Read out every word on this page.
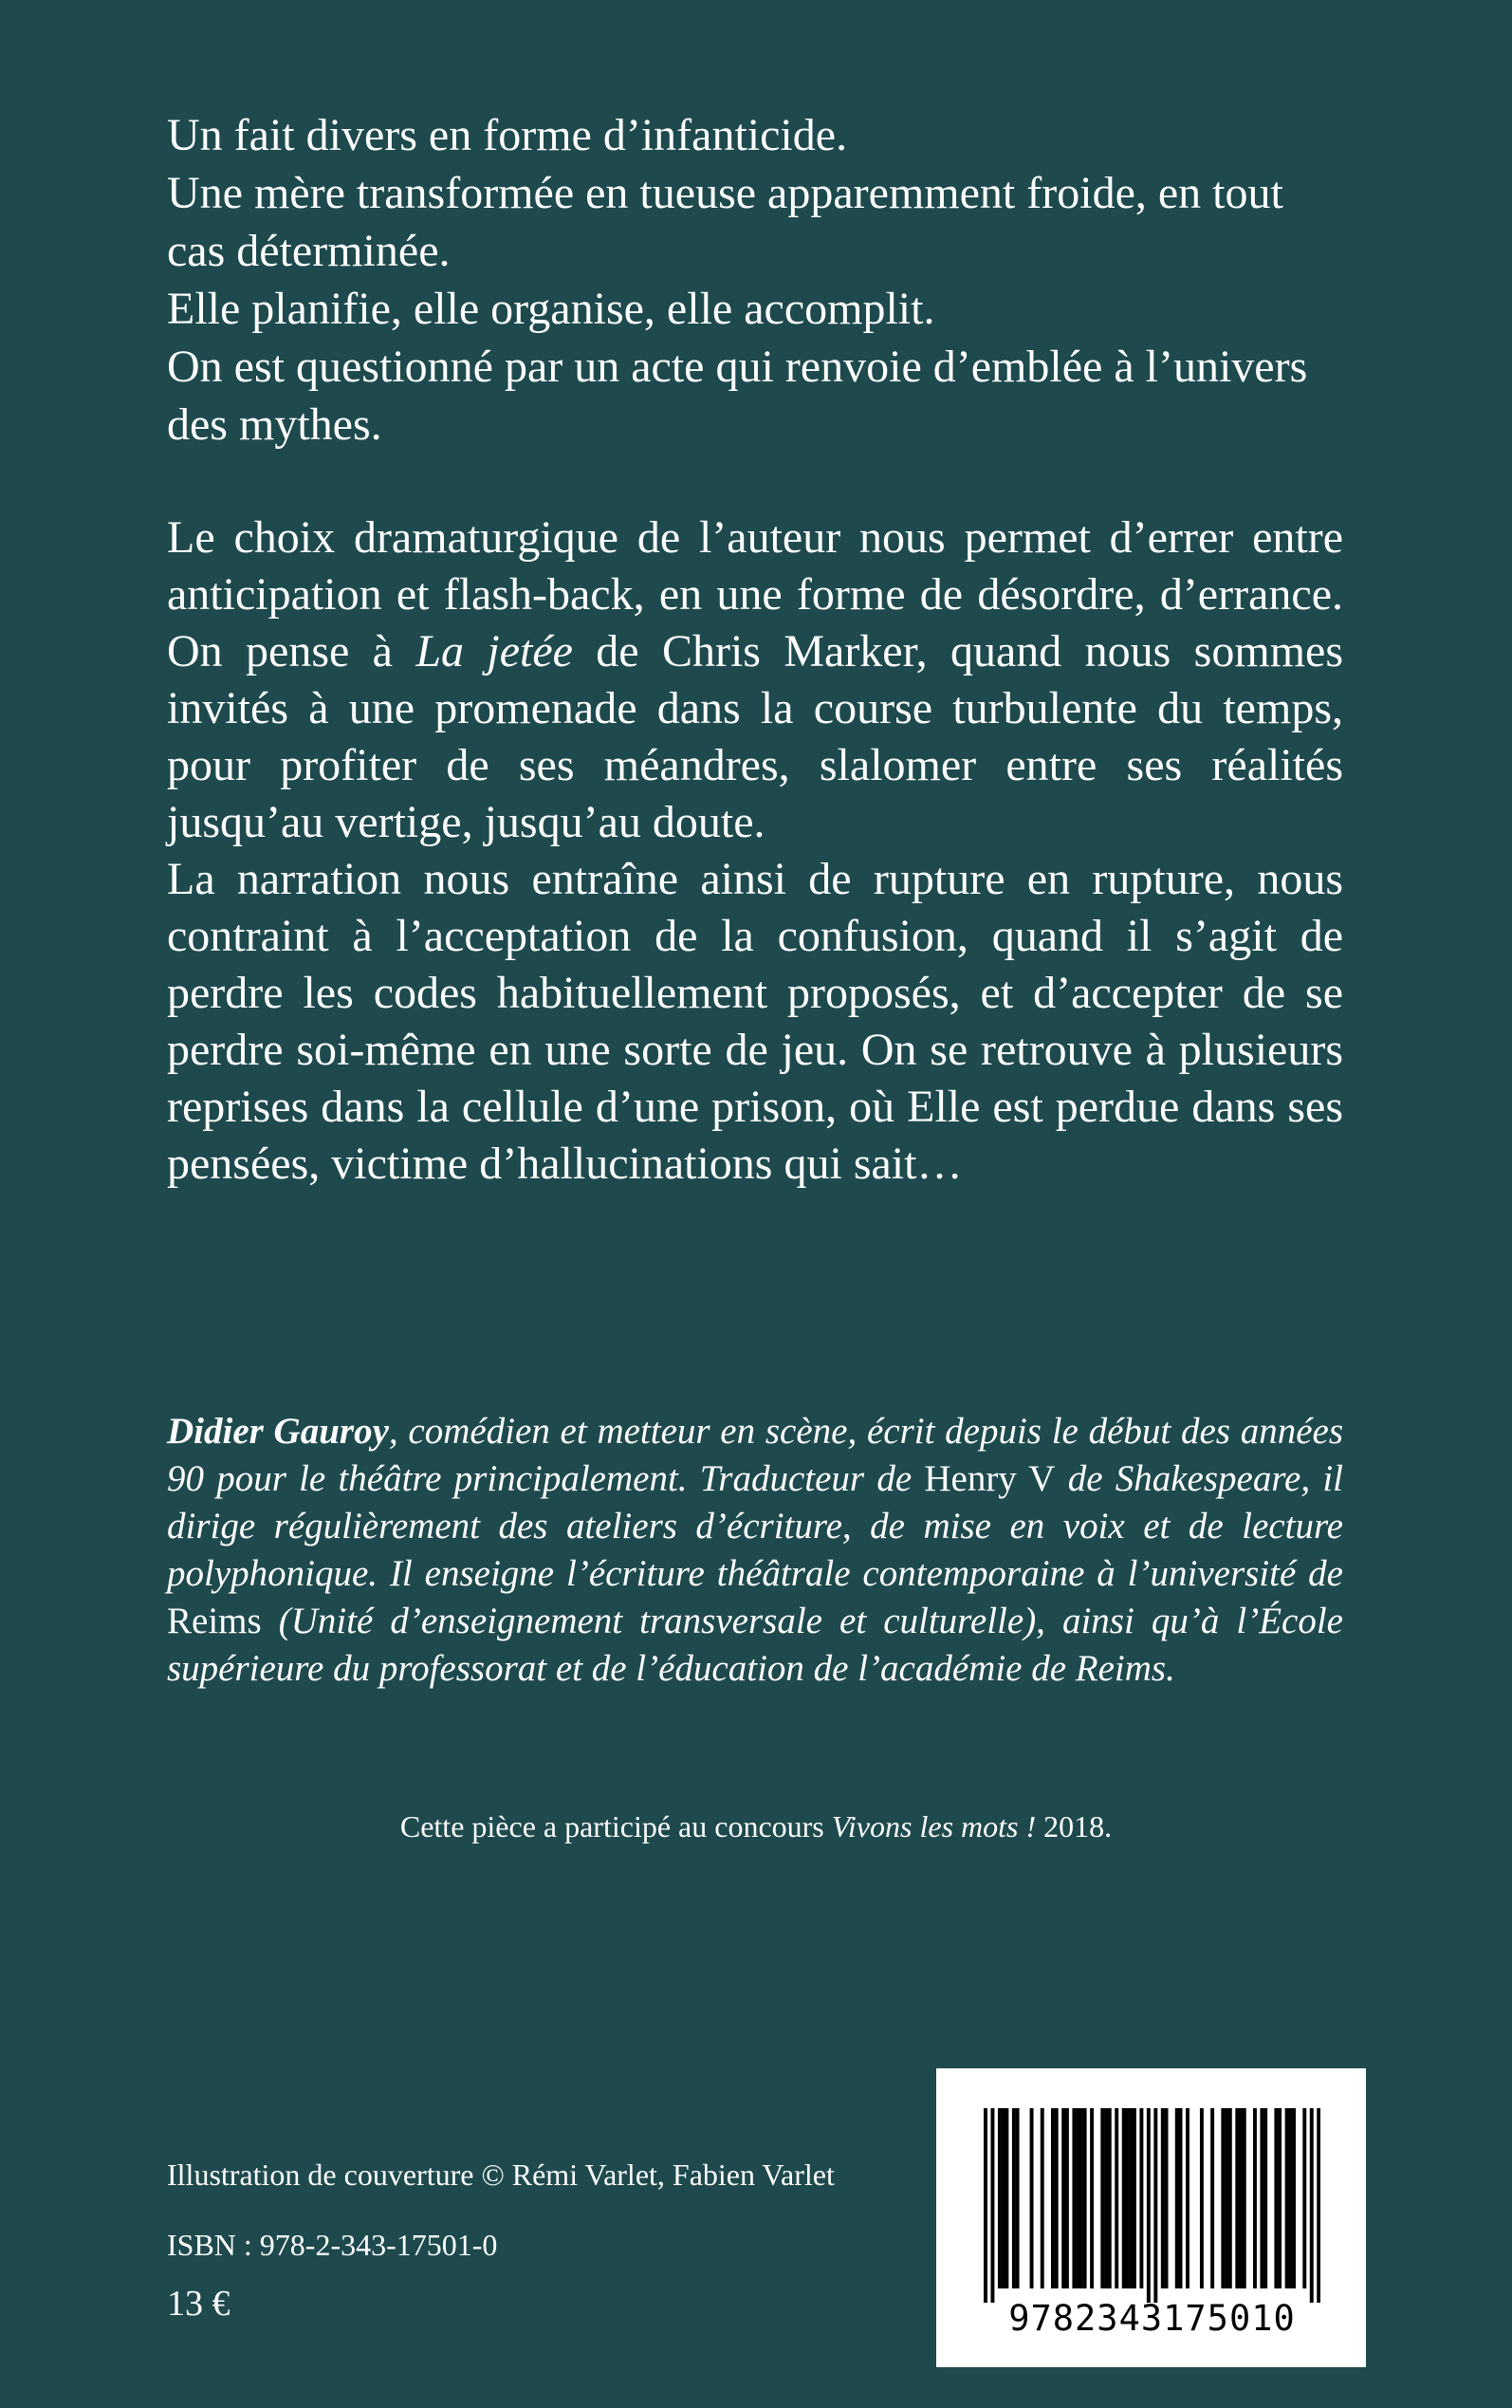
Un fait divers en forme d’infanticide.

Une mère transformée en tueuse apparemment froide, en tout cas déterminée.

Elle planifie, elle organise, elle accomplit.

On est questionné par un acte qui renvoie d’emblée à l’univers des mythes.

Le choix dramaturgique de l’auteur nous permet d’errer entre anticipation et flash-back, en une forme de désordre, d’errance. On pense à La jetée de Chris Marker, quand nous sommes invités à une promenade dans la course turbulente du temps, pour profiter de ses méandres, slalomer entre ses réalités jusqu’au vertige, jusqu’au doute.

La narration nous entraîne ainsi de rupture en rupture, nous contraint à l’acceptation de la confusion, quand il s’agit de perdre les codes habituellement proposés, et d’accepter de se perdre soi-même en une sorte de jeu. On se retrouve à plusieurs reprises dans la cellule d’une prison, où Elle est perdue dans ses pensées, victime d’hallucinations qui sait…

Didier Gauroy, comédien et metteur en scène, écrit depuis le début des années 90 pour le théâtre principalement. Traducteur de Henry V de Shakespeare, il dirige régulièrement des ateliers d’écriture, de mise en voix et de lecture polyphonique. Il enseigne l’écriture théâtrale contemporaine à l’université de Reims (Unité d’enseignement transversale et culturelle), ainsi qu’à l’École supérieure du professorat et de l’éducation de l’académie de Reims.
Cette pièce a participé au concours Vivons les mots ! 2018.
Illustration de couverture © Rémi Varlet, Fabien Varlet
ISBN : 978-2-343-17501-0
13 €	9782343175010
